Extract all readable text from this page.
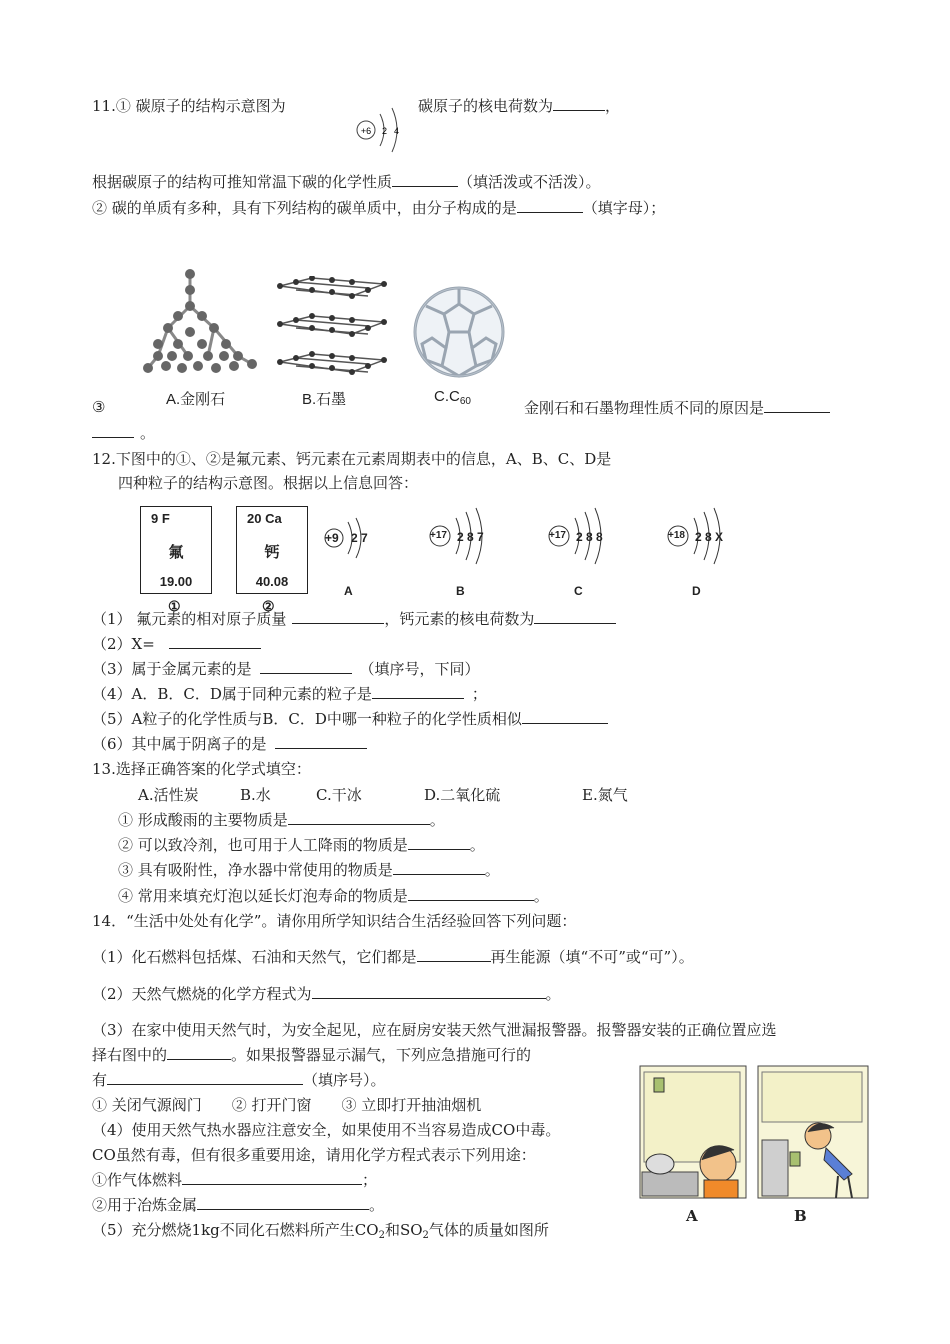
11.① 碳原子的结构示意图为
+6 2 4
碳原子的核电荷数为	，
根据碳原子的结构可推知常温下碳的化学性质	（填活泼或不活泼）。
② 碳的单质有多种，具有下列结构的碳单质中，由分子构成的是	（填字母）；
A.金刚石	B.石墨	$C.C_{60}$
③	金刚石和石墨物理性质不同的原因是
。
12.下图中的①、②是氟元素、钙元素在元素周期表中的信息，A、B、C、D是
四种粒子的结构示意图。根据以上信息回答：
9 F
氟
19.00
①
20 Ca
钙
40.08
②
+9 2 7
A
+17 2 8 7
B
+17 2 8 8
C
+18 2 8 X
D
（1） 氟元素的相对原子质量	，钙元素的核电荷数为
（2）X=
（3）属于金属元素的是	（填序号，下同）
（4）A．B．C．D属于同种元素的粒子是	；
（5）A粒子的化学性质与B．C．D中哪一种粒子的化学性质相似
（6）其中属于阴离子的是
13.选择正确答案的化学式填空：
A.活性炭	B.水	C.干冰	D.二氧化硫	E.氮气
① 形成酸雨的主要物质是	。
② 可以致冷剂，也可用于人工降雨的物质是	。
③ 具有吸附性，净水器中常使用的物质是	。
④ 常用来填充灯泡以延长灯泡寿命的物质是	。
14．“生活中处处有化学”。请你用所学知识结合生活经验回答下列问题：
（1）化石燃料包括煤、石油和天然气，它们都是	再生能源（填“不可”或“可”）。
（2）天然气燃烧的化学方程式为	。
（3）在家中使用天然气时，为安全起见，应在厨房安装天然气泄漏报警器。报警器安装的正确位置应选
择右图中的	。如果报警器显示漏气，下列应急措施可行的
有	（填序号）。
① 关闭气源阀门　　② 打开门窗　　③ 立即打开抽油烟机
（4）使用天然气热水器应注意安全，如果使用不当容易造成CO中毒。
CO虽然有毒，但有很多重要用途，请用化学方程式表示下列用途：
①作气体燃料	；
②用于冶炼金属	。
（5）充分燃烧1kg不同化石燃料所产生$CO_2$和$SO_2$气体的质量如图所
A	B
